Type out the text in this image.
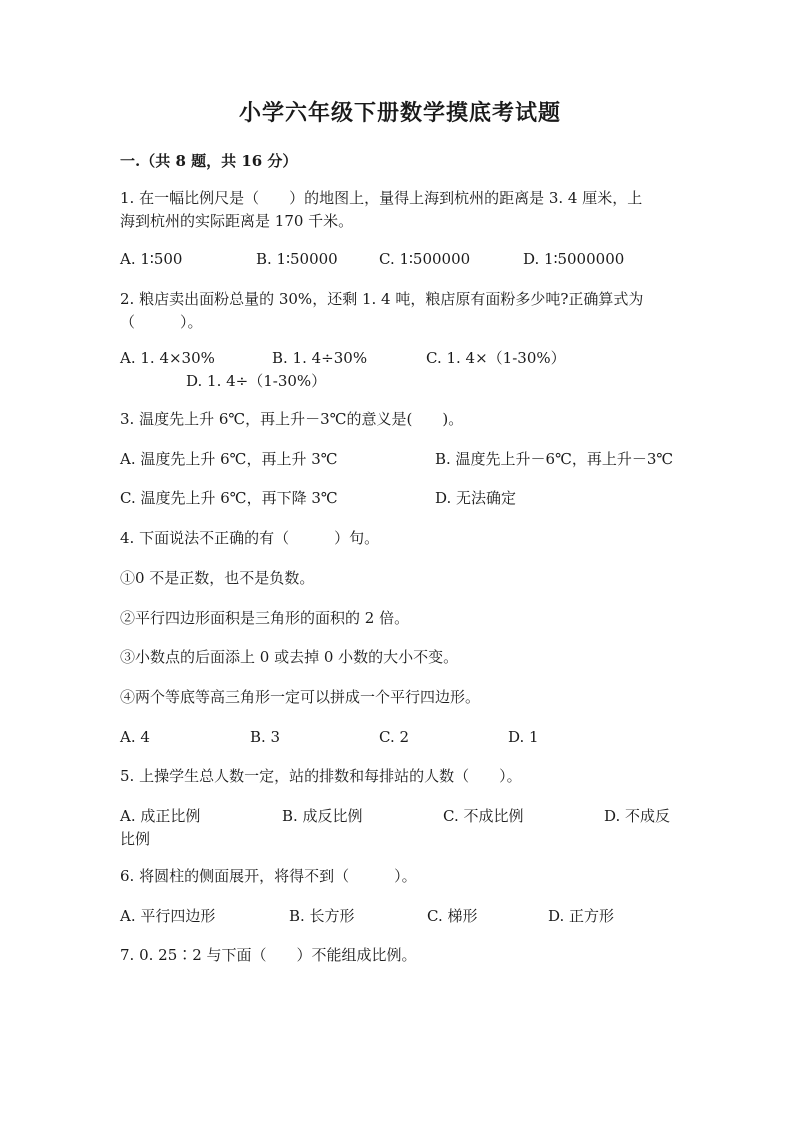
小学六年级下册数学摸底考试题
一.（共 8 题，共 16 分）
1. 在一幅比例尺是（　　）的地图上，量得上海到杭州的距离是 3. 4 厘米，上
海到杭州的实际距离是 170 千米。
A. 1∶500	B. 1∶50000	C. 1∶500000	D. 1∶5000000
2. 粮店卖出面粉总量的 30%，还剩 1. 4 吨，粮店原有面粉多少吨?正确算式为
（　　　）。
A. 1. 4×30%	B. 1. 4÷30%	C. 1. 4×（1-30%）
D. 1. 4÷（1-30%）
3. 温度先上升 6℃，再上升－3℃的意义是(　　)。
A. 温度先上升 6℃，再上升 3℃	B. 温度先上升－6℃，再上升－3℃
C. 温度先上升 6℃，再下降 3℃	D. 无法确定
4. 下面说法不正确的有（　　　）句。
①0 不是正数，也不是负数。
②平行四边形面积是三角形的面积的 2 倍。
③小数点的后面添上 0 或去掉 0 小数的大小不变。
④两个等底等高三角形一定可以拼成一个平行四边形。
A. 4	B. 3	C. 2	D. 1
5. 上操学生总人数一定，站的排数和每排站的人数（　　）。
A. 成正比例	B. 成反比例	C. 不成比例	D. 不成反
比例
6. 将圆柱的侧面展开，将得不到（　　　）。
A. 平行四边形	B. 长方形	C. 梯形	D. 正方形
7. 0. 25∶2 与下面（　　）不能组成比例。
